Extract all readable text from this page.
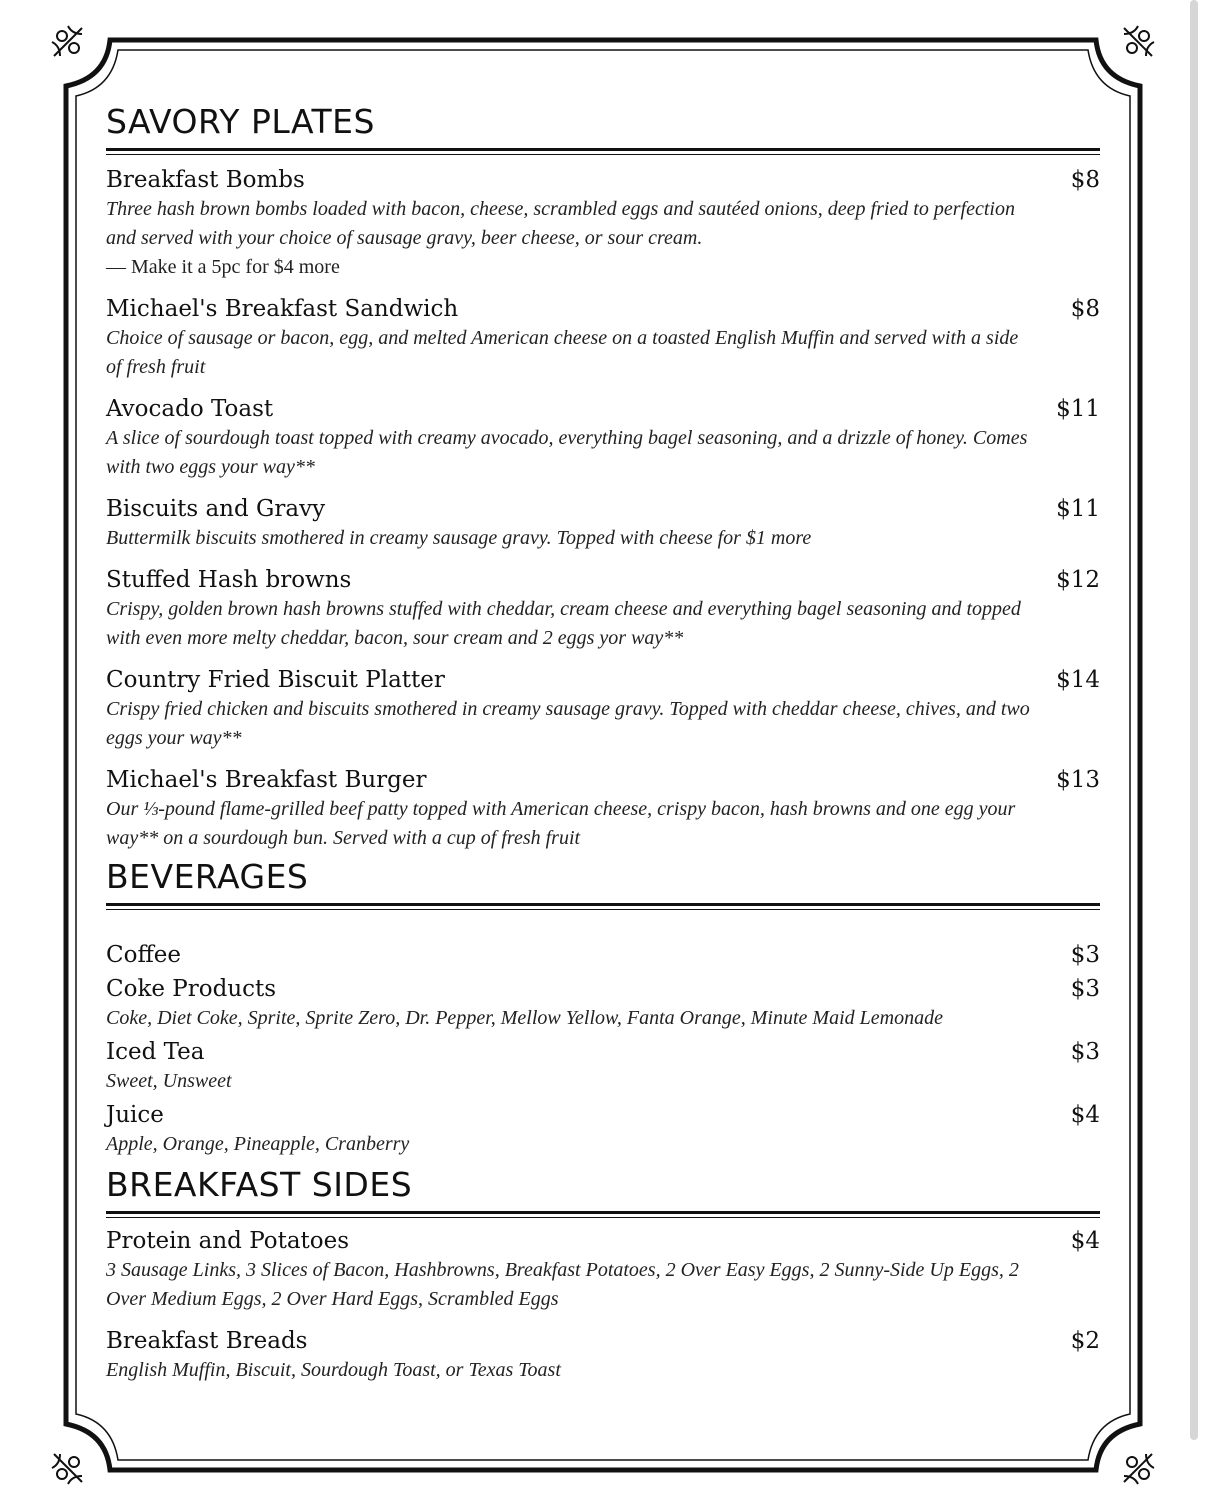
SAVORY PLATES
Breakfast Bombs	$8
Three hash brown bombs loaded with bacon, cheese, scrambled eggs and sautéed onions, deep fried to perfection and served with your choice of sausage gravy, beer cheese, or sour cream.
— Make it a 5pc for $4 more
Michael's Breakfast Sandwich	$8
Choice of sausage or bacon, egg, and melted American cheese on a toasted English Muffin and served with a side of fresh fruit
Avocado Toast	$11
A slice of sourdough toast topped with creamy avocado, everything bagel seasoning, and a drizzle of honey. Comes with two eggs your way**
Biscuits and Gravy	$11
Buttermilk biscuits smothered in creamy sausage gravy. Topped with cheese for $1 more
Stuffed Hash browns	$12
Crispy, golden brown hash browns stuffed with cheddar, cream cheese and everything bagel seasoning and topped with even more melty cheddar, bacon, sour cream and 2 eggs yor way**
Country Fried Biscuit Platter	$14
Crispy fried chicken and biscuits smothered in creamy sausage gravy. Topped with cheddar cheese, chives, and two eggs your way**
Michael's Breakfast Burger	$13
Our ⅓-pound flame-grilled beef patty topped with American cheese, crispy bacon, hash browns and one egg your way** on a sourdough bun. Served with a cup of fresh fruit
BEVERAGES
Coffee	$3
Coke Products	$3
Coke, Diet Coke, Sprite, Sprite Zero, Dr. Pepper, Mellow Yellow, Fanta Orange, Minute Maid Lemonade
Iced Tea	$3
Sweet, Unsweet
Juice	$4
Apple, Orange, Pineapple, Cranberry
BREAKFAST SIDES
Protein and Potatoes	$4
3 Sausage Links, 3 Slices of Bacon, Hashbrowns, Breakfast Potatoes, 2 Over Easy Eggs, 2 Sunny-Side Up Eggs, 2 Over Medium Eggs, 2 Over Hard Eggs, Scrambled Eggs
Breakfast Breads	$2
English Muffin, Biscuit, Sourdough Toast, or Texas Toast
